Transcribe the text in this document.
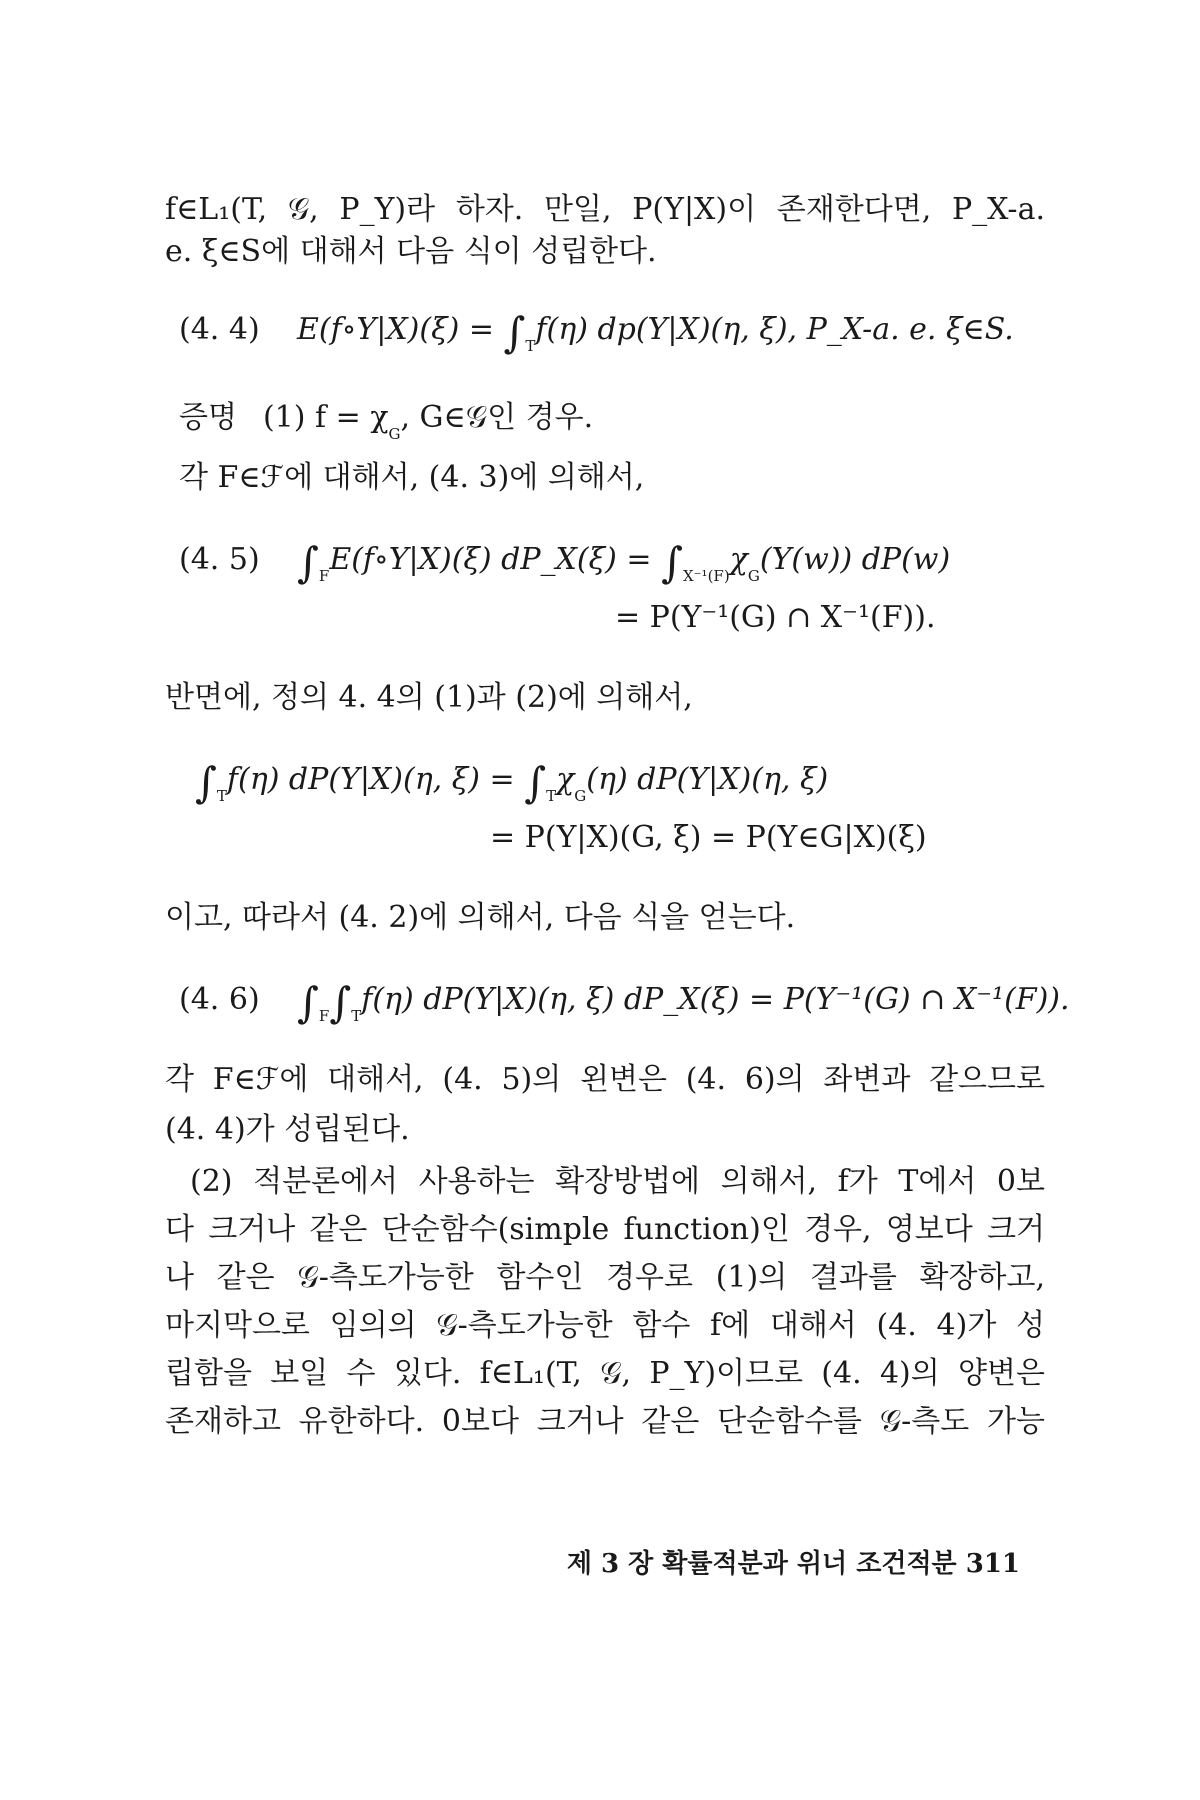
f∈L₁(T, 𝒢, P_Y)라 하자. 만일, P(Y|X)이 존재한다면, P_X-a.
e. ξ∈S에 대해서 다음 식이 성립한다.
(4. 4) E(f∘Y|X)(ξ) = $\int_Tf(\eta)$ dp(Y|X)(η, ξ), P_X-a. e. ξ∈S.
증명 (1) $f = \chi_G$, G∈𝒢인 경우.
각 F∈ℱ에 대해서, (4. 3)에 의해서,
(4. 5) $\int_FE(f\circ Y|X)(\xi)$ dP_X(ξ) = $\int_{X^{-1}(F)}\chi_G(Y(w))$ dP(w)
= P(Y⁻¹(G) ∩ X⁻¹(F)).
반면에, 정의 4. 4의 (1)과 (2)에 의해서,
$\int_Tf(\eta)$ dP(Y|X)(η, $\xi) = \int_T\chi_G(\eta)$ dP(Y|X)(η, ξ)
= P(Y|X)(G, ξ) = P(Y∈G|X)(ξ)
이고, 따라서 (4. 2)에 의해서, 다음 식을 얻는다.
(4. 6) $\int_F\int_Tf(\eta)$ dP(Y|X)(η, ξ) dP_X(ξ) = P(Y⁻¹(G) ∩ X⁻¹(F)).
각 F∈ℱ에 대해서, (4. 5)의 왼변은 (4. 6)의 좌변과 같으므로
(4. 4)가 성립된다.
(2) 적분론에서 사용하는 확장방법에 의해서, f가 T에서 0보
다 크거나 같은 단순함수(simple function)인 경우, 영보다 크거
나 같은 𝒢-측도가능한 함수인 경우로 (1)의 결과를 확장하고,
마지막으로 임의의 𝒢-측도가능한 함수 f에 대해서 (4. 4)가 성
립함을 보일 수 있다. f∈L₁(T, 𝒢, P_Y)이므로 (4. 4)의 양변은
존재하고 유한하다. 0보다 크거나 같은 단순함수를 𝒢-측도 가능
제 3 장 확률적분과 위너 조건적분 311
